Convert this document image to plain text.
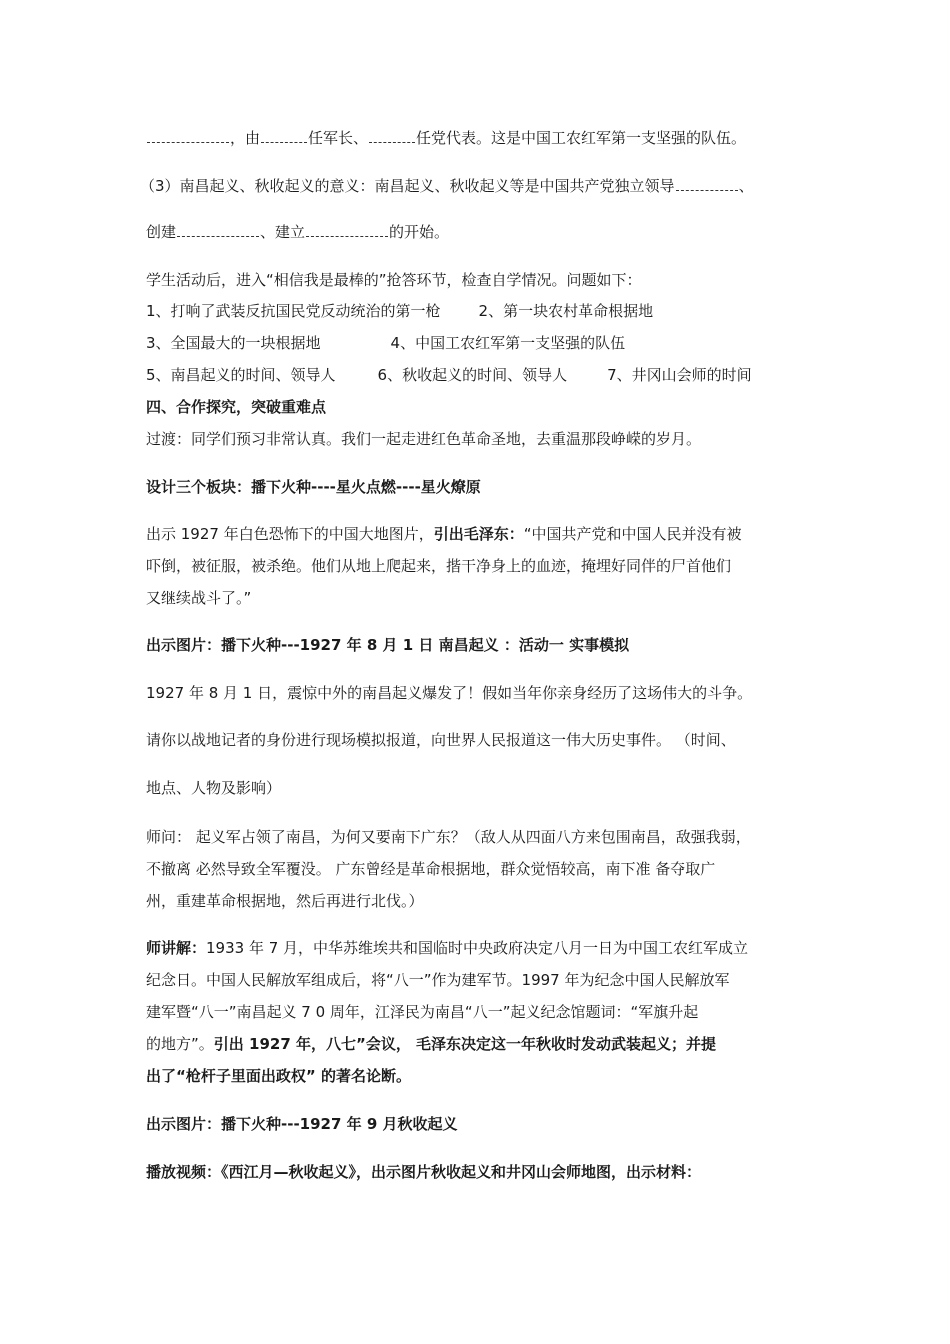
，由	任军长、	任党代表。这是中国工农红军第一支坚强的队伍。
（3）南昌起义、秋收起义的意义：南昌起义、秋收起义等是中国共产党独立领导	、
创建	、建立	的开始。
学生活动后，进入“相信我是最棒的”抢答环节，检查自学情况。问题如下：
1、打响了武装反抗国民党反动统治的第一枪	2、第一块农村革命根据地
3、全国最大的一块根据地	4、中国工农红军第一支坚强的队伍
5、南昌起义的时间、领导人	6、秋收起义的时间、领导人	7、井冈山会师的时间
四、合作探究，突破重难点
过渡：同学们预习非常认真。我们一起走进红色革命圣地，去重温那段峥嵘的岁月。
设计三个板块：播下火种----星火点燃----星火燎原
出示 1927 年白色恐怖下的中国大地图片，引出毛泽东：“中国共产党和中国人民并没有被
吓倒，被征服，被杀绝。他们从地上爬起来，揩干净身上的血迹，掩埋好同伴的尸首他们
又继续战斗了。”
出示图片：播下火种---1927 年 8 月 1 日 南昌起义 ：活动一 实事模拟
1927 年 8 月 1 日，震惊中外的南昌起义爆发了！假如当年你亲身经历了这场伟大的斗争。
请你以战地记者的身份进行现场模拟报道，向世界人民报道这一伟大历史事件。 （时间、
地点、人物及影响）
师问： 起义军占领了南昌，为何又要南下广东？（敌人从四面八方来包围南昌，敌强我弱，
不撤离 必然导致全军覆没。 广东曾经是革命根据地，群众觉悟较高，南下准 备夺取广
州，重建革命根据地，然后再进行北伐。）
师讲解：1933 年 7 月，中华苏维埃共和国临时中央政府决定八月一日为中国工农红军成立
纪念日。中国人民解放军组成后，将“八一”作为建军节。1997 年为纪念中国人民解放军
建军暨“八一”南昌起义 7 0 周年，江泽民为南昌“八一”起义纪念馆题词：“军旗升起
的地方”。引出 1927 年，八七”会议， 毛泽东决定这一年秋收时发动武装起义；并提
出了“枪杆子里面出政权” 的著名论断。
出示图片：播下火种---1927 年 9 月秋收起义
播放视频：《西江月—秋收起义》，出示图片秋收起义和井冈山会师地图，出示材料：
